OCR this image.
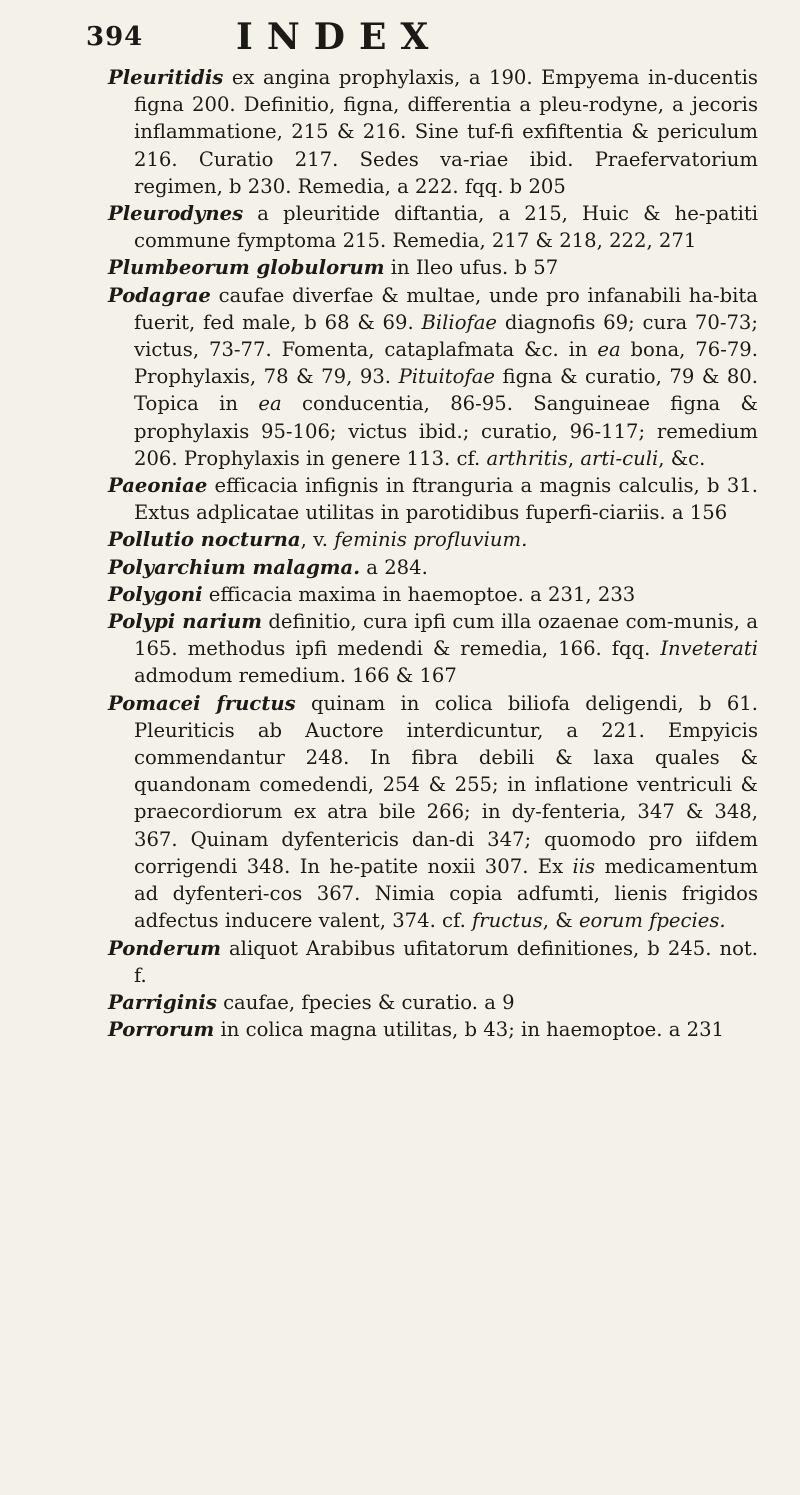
394	INDEX

Pleuritidis ex angina prophylaxis, a 190. Empyema in-ducentis figna 200. Definitio, figna, differentia a pleu-rodyne, a jecoris inflammatione, 215 & 216. Sine tuf-fi exfiftentia & periculum 216. Curatio 217. Sedes va-riae ibid. Praefervatorium regimen, b 230. Remedia, a 222. fqq. b 205

Pleurodynes a pleuritide diftantia, a 215, Huic & he-patiti commune fymptoma 215. Remedia, 217 & 218, 222, 271

Plumbeorum globulorum in Ileo ufus. b 57

Podagrae caufae diverfae & multae, unde pro infanabili ha-bita fuerit, fed male, b 68 & 69. Biliofae diagnofis 69; cura 70-73; victus, 73-77. Fomenta, cataplafmata &c. in ea bona, 76-79. Prophylaxis, 78 & 79, 93. Pituitofae figna & curatio, 79 & 80. Topica in ea conducentia, 86-95. Sanguineae figna & prophylaxis 95-106; victus ibid.; curatio, 96-117; remedium 206. Prophylaxis in genere 113. cf. arthritis, arti-culi, &c.

Paeoniae efficacia infignis in ftranguria a magnis calculis, b 31. Extus adplicatae utilitas in parotidibus fuperfi-ciariis. a 156

Pollutio nocturna, v. feminis profluvium.

Polyarchium malagma. a 284.

Polygoni efficacia maxima in haemoptoe. a 231, 233

Polypi narium definitio, cura ipfi cum illa ozaenae com-munis, a 165. methodus ipfi medendi & remedia, 166. fqq. Inveterati admodum remedium. 166 & 167

Pomacei fructus quinam in colica biliofa deligendi, b 61. Pleuriticis ab Auctore interdicuntur, a 221. Empyicis commendantur 248. In fibra debili & laxa quales & quandonam comedendi, 254 & 255; in inflatione ventriculi & praecordiorum ex atra bile 266; in dy-fenteria, 347 & 348, 367. Quinam dyfentericis dan-di 347; quomodo pro iifdem corrigendi 348. In he-patite noxii 307. Ex iis medicamentum ad dyfenteri-cos 367. Nimia copia adfumti, lienis frigidos adfectus inducere valent, 374. cf. fructus, & eorum fpecies.

Ponderum aliquot Arabibus ufitatorum definitiones, b 245. not. f.

Parriginis caufae, fpecies & curatio. a 9

Porrorum in colica magna utilitas, b 43; in haemoptoe. a 231
